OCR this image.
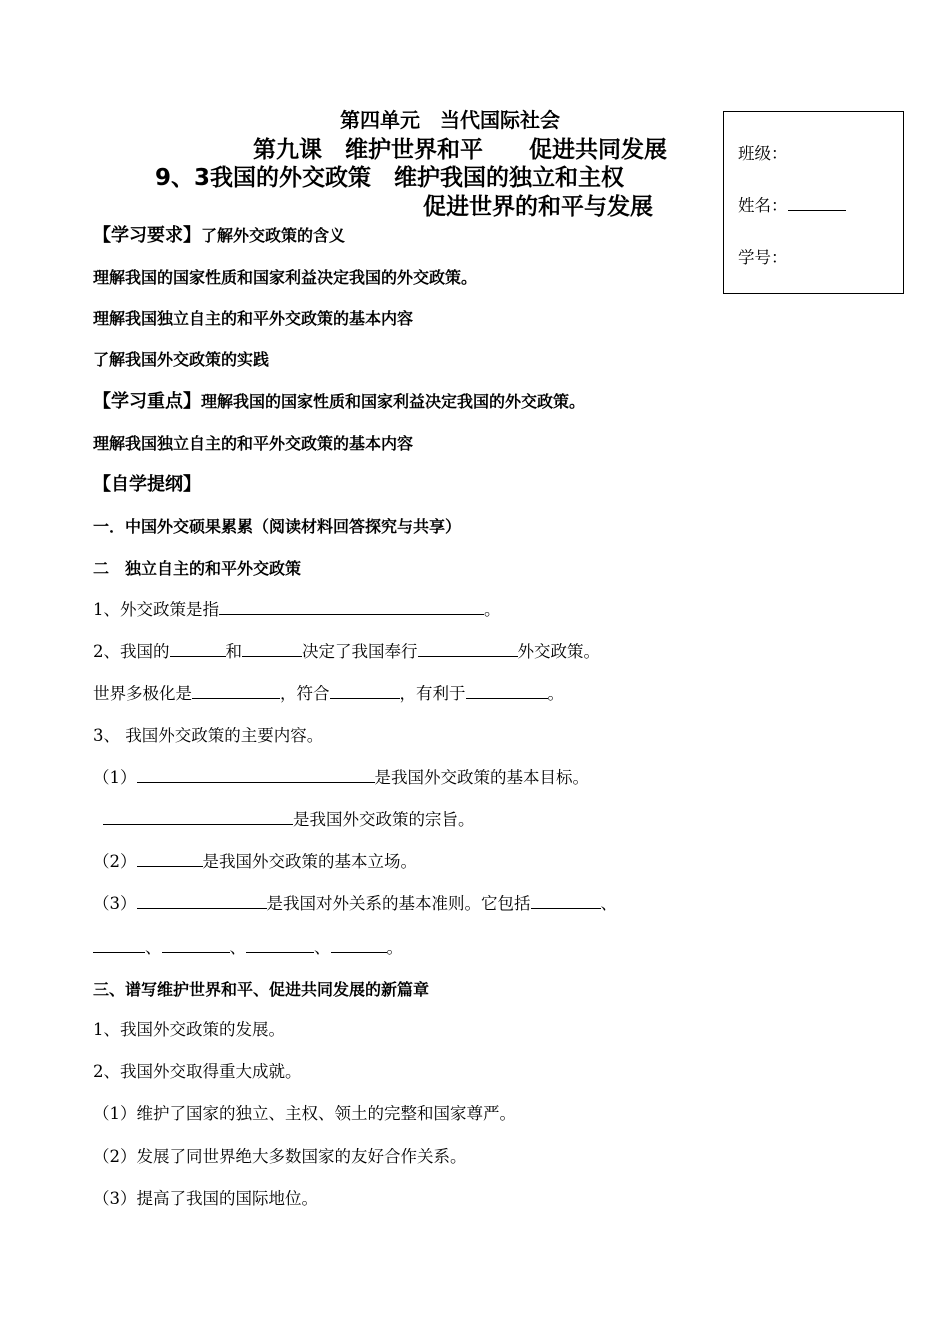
第四单元　当代国际社会
第九课　维护世界和平　　促进共同发展
9、3我国的外交政策　维护我国的独立和主权
促进世界的和平与发展
班级：
姓名：
学号：
【学习要求】了解外交政策的含义
理解我国的国家性质和国家利益决定我国的外交政策。
理解我国独立自主的和平外交政策的基本内容
了解我国外交政策的实践
【学习重点】理解我国的国家性质和国家利益决定我国的外交政策。
理解我国独立自主的和平外交政策的基本内容
【自学提纲】
一．中国外交硕果累累（阅读材料回答探究与共享）
二　独立自主的和平外交政策
1、外交政策是指	。
2、我国的	和	决定了我国奉行	外交政策。
世界多极化是	，符合	，有利于	。
3、 我国外交政策的主要内容。
（1）	是我国外交政策的基本目标。
是我国外交政策的宗旨。
（2）	是我国外交政策的基本立场。
（3）	是我国对外关系的基本准则。它包括	、
、	、	、	。
三、谱写维护世界和平、促进共同发展的新篇章
1、我国外交政策的发展。
2、我国外交取得重大成就。
（1）维护了国家的独立、主权、领土的完整和国家尊严。
（2）发展了同世界绝大多数国家的友好合作关系。
（3）提高了我国的国际地位。
